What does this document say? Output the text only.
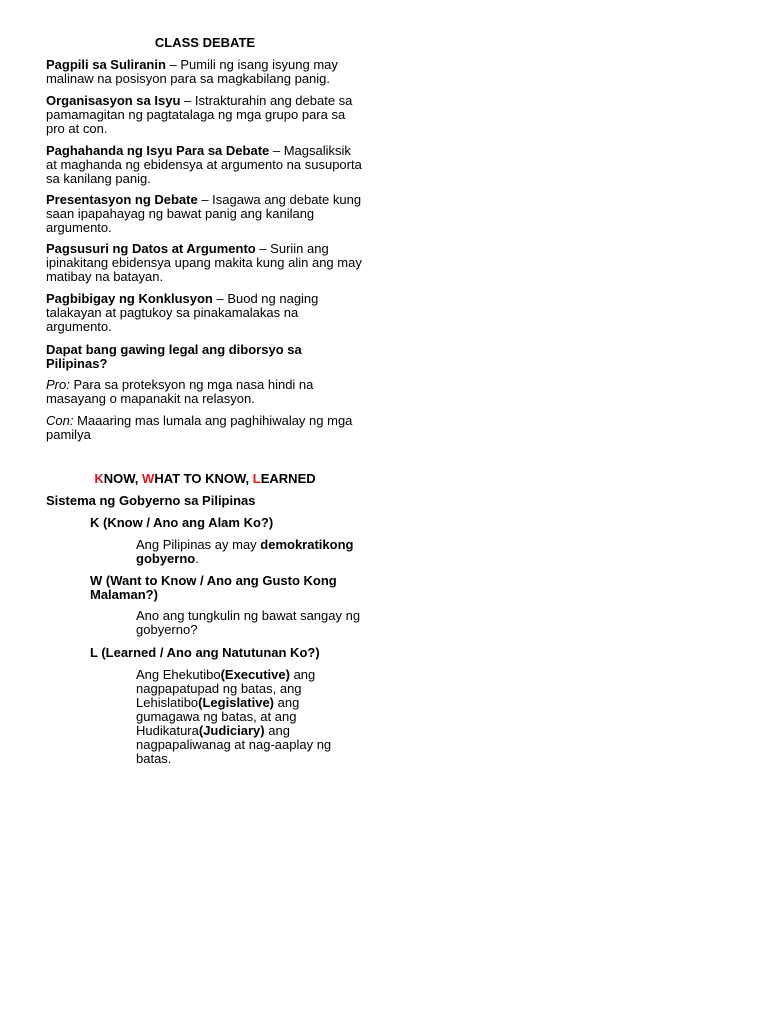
CLASS DEBATE

Pagpili sa Suliranin – Pumili ng isang isyung may malinaw na posisyon para sa magkabilang panig.

Organisasyon sa Isyu – Istrakturahin ang debate sa pamamagitan ng pagtatalaga ng mga grupo para sa pro at con.

Paghahanda ng Isyu Para sa Debate – Magsaliksik at maghanda ng ebidensya at argumento na susuporta sa kanilang panig.

Presentasyon ng Debate – Isagawa ang debate kung saan ipapahayag ng bawat panig ang kanilang argumento.

Pagsusuri ng Datos at Argumento – Suriin ang ipinakitang ebidensya upang makita kung alin ang may matibay na batayan.

Pagbibigay ng Konklusyon – Buod ng naging talakayan at pagtukoy sa pinakamalakas na argumento.

Dapat bang gawing legal ang diborsyo sa Pilipinas?

Pro: Para sa proteksyon ng mga nasa hindi na masayang o mapanakit na relasyon.

Con: Maaaring mas lumala ang paghihiwalay ng mga pamilya

KNOW, WHAT TO KNOW, LEARNED

Sistema ng Gobyerno sa Pilipinas

K (Know / Ano ang Alam Ko?)

Ang Pilipinas ay may demokratikong gobyerno.

W (Want to Know / Ano ang Gusto Kong Malaman?)

Ano ang tungkulin ng bawat sangay ng gobyerno?

L (Learned / Ano ang Natutunan Ko?)

Ang Ehekutibo(Executive) ang nagpapatupad ng batas, ang Lehislatibo(Legislative) ang gumagawa ng batas, at ang Hudikatura(Judiciary) ang nagpapaliwanag at nag-aaplay ng batas.
